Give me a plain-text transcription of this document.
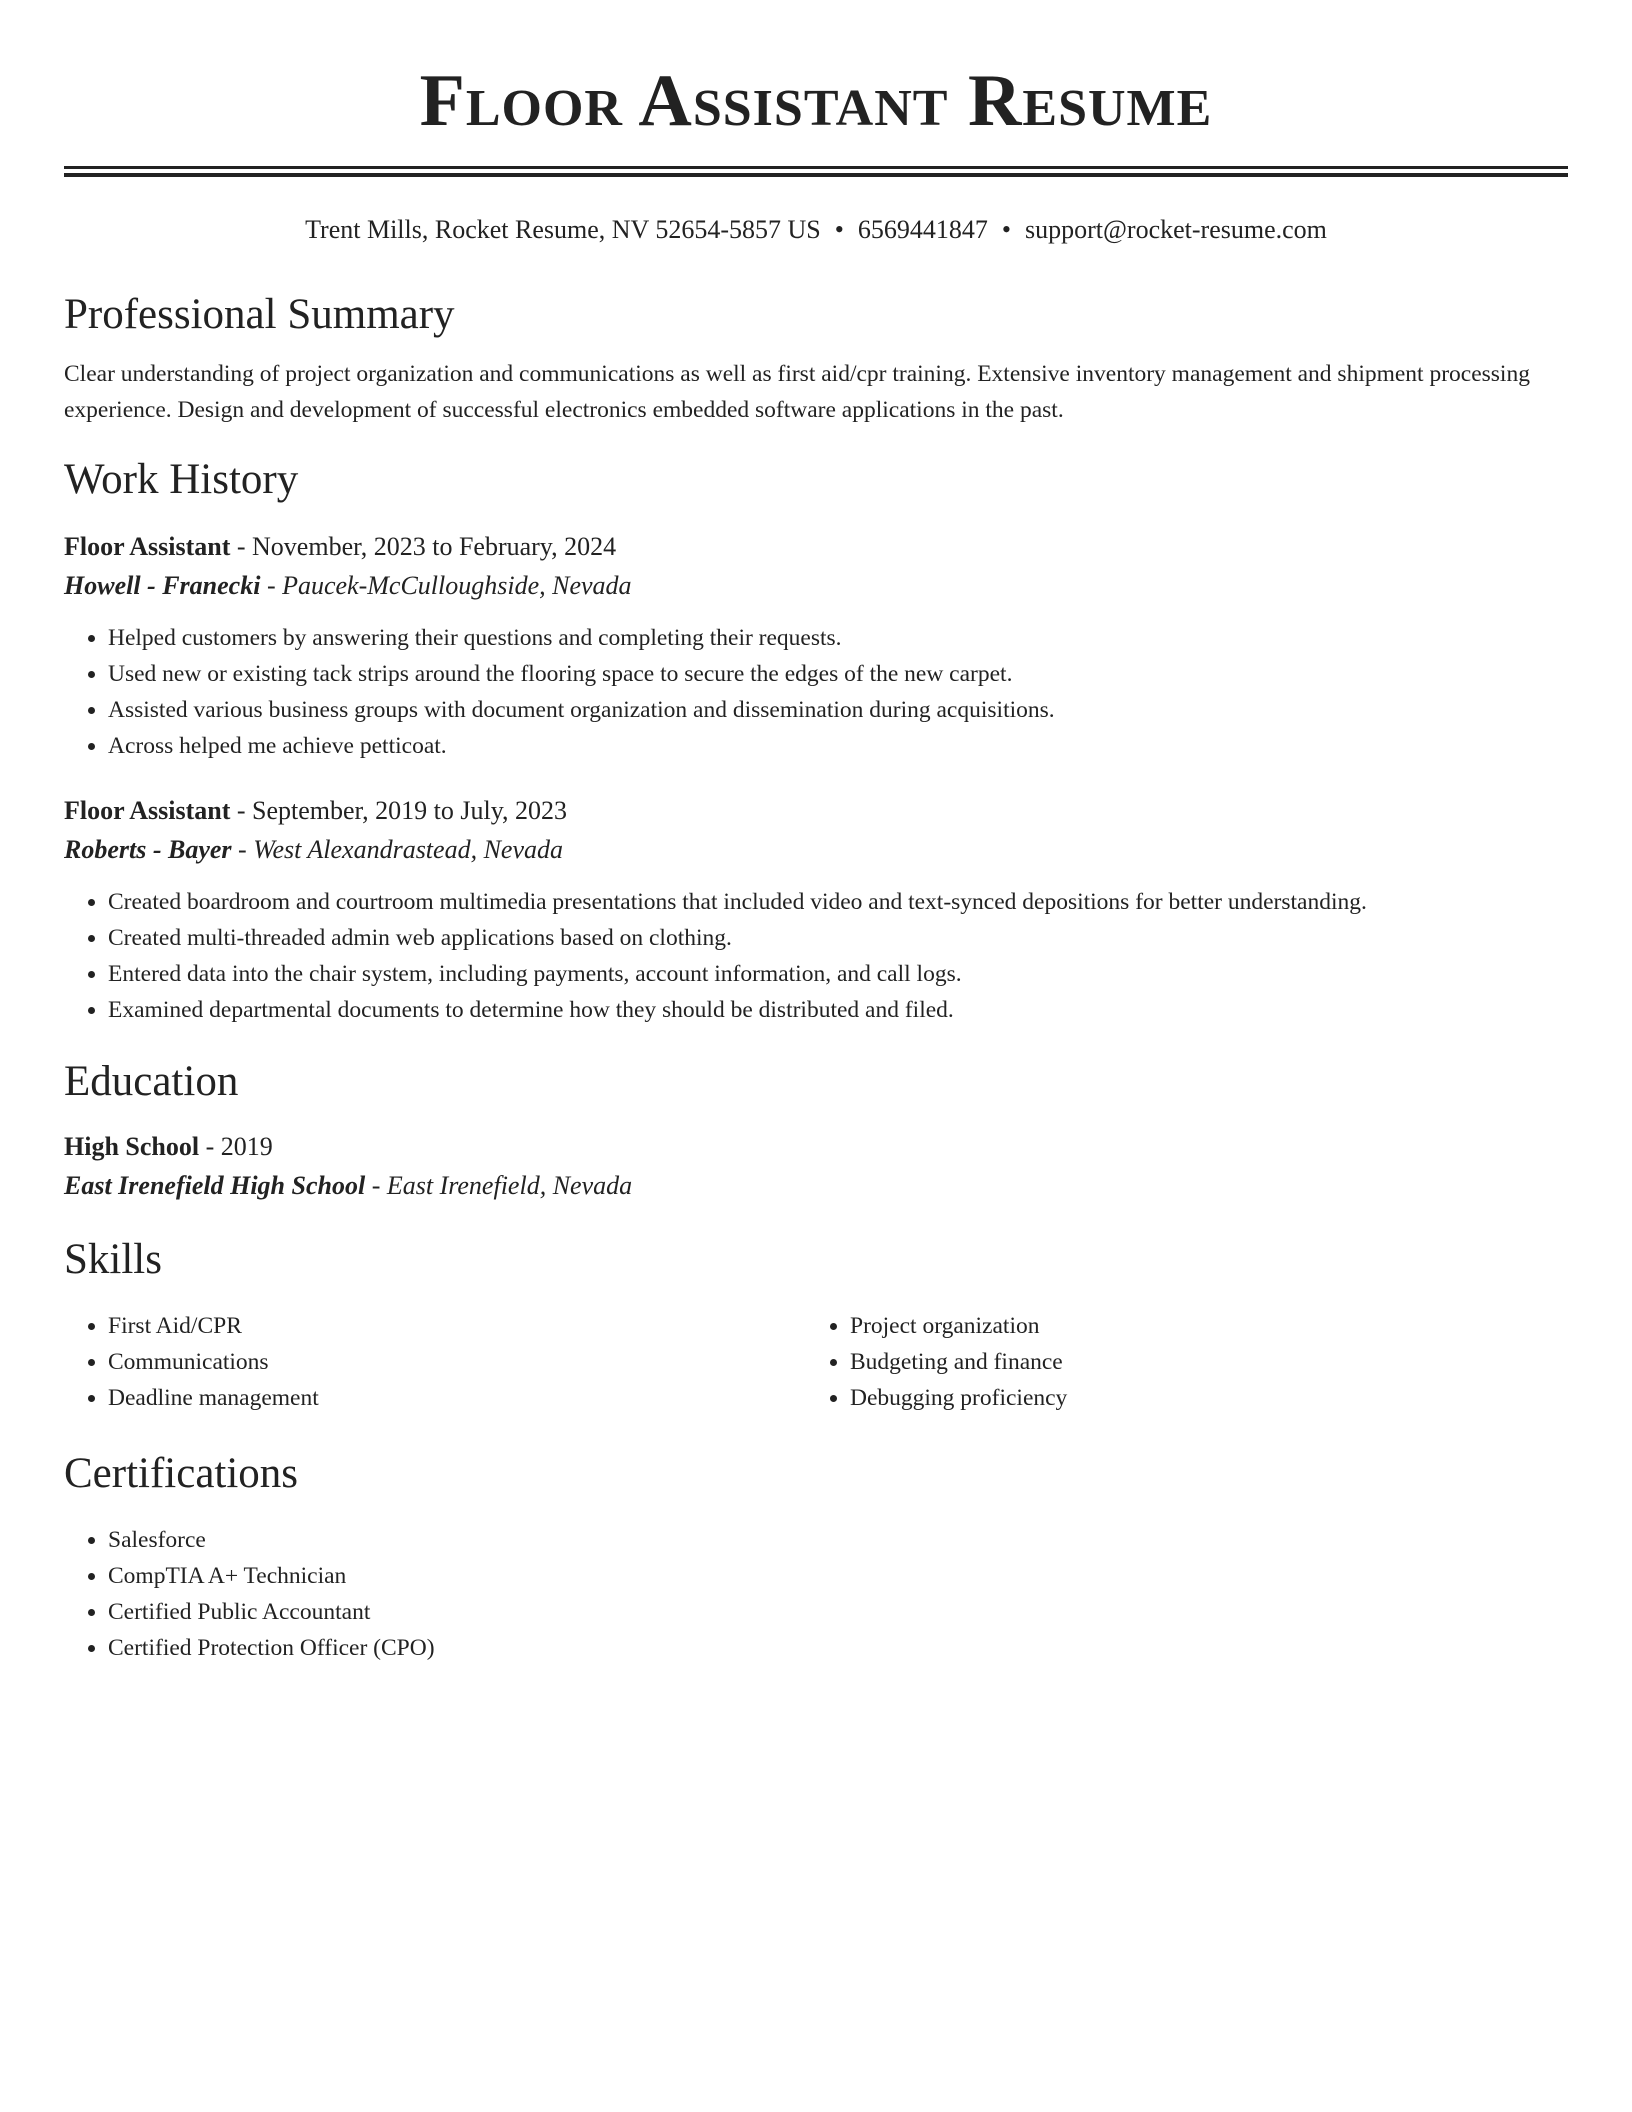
Floor Assistant Resume
Trent Mills, Rocket Resume, NV 52654-5857 US • 6569441847 • support@rocket-resume.com
Professional Summary

Clear understanding of project organization and communications as well as first aid/cpr training. Extensive inventory management and shipment processing experience. Design and development of successful electronics embedded software applications in the past.

Work History
Floor Assistant - November, 2023 to February, 2024
Howell - Franecki - Paucek-McCulloughside, Nevada
• Helped customers by answering their questions and completing their requests.
• Used new or existing tack strips around the flooring space to secure the edges of the new carpet.
• Assisted various business groups with document organization and dissemination during acquisitions.
• Across helped me achieve petticoat.
Floor Assistant - September, 2019 to July, 2023
Roberts - Bayer - West Alexandrastead, Nevada
• Created boardroom and courtroom multimedia presentations that included video and text-synced depositions for better understanding.
• Created multi-threaded admin web applications based on clothing.
• Entered data into the chair system, including payments, account information, and call logs.
• Examined departmental documents to determine how they should be distributed and filed.
Education
High School - 2019
East Irenefield High School - East Irenefield, Nevada
Skills
• First Aid/CPR
• Communications
• Deadline management
• Project organization
• Budgeting and finance
• Debugging proficiency
Certifications
• Salesforce
• CompTIA A+ Technician
• Certified Public Accountant
• Certified Protection Officer (CPO)
